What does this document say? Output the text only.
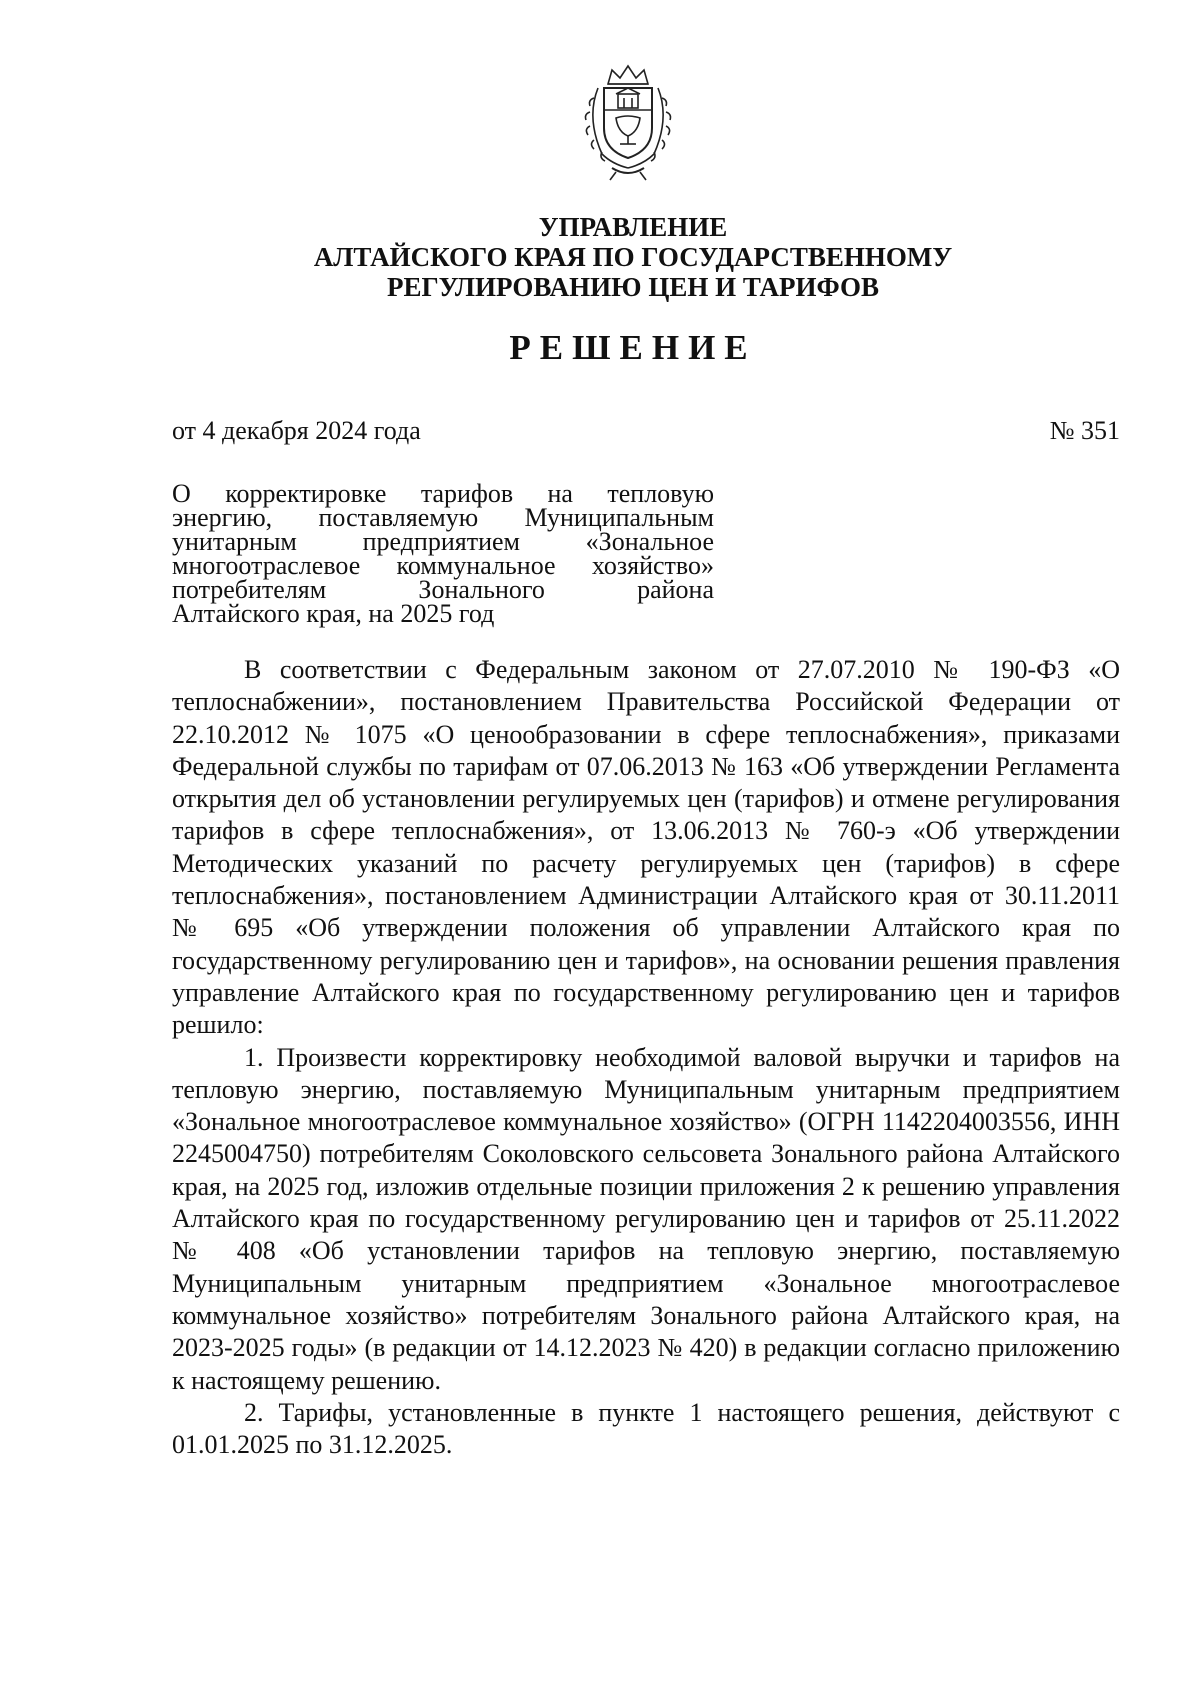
УПРАВЛЕНИЕ
АЛТАЙСКОГО КРАЯ ПО ГОСУДАРСТВЕННОМУ
РЕГУЛИРОВАНИЮ ЦЕН И ТАРИФОВ
РЕШЕНИЕ
от 4 декабря 2024 года	№ 351
О корректировке тарифов на тепловую
энергию, поставляемую Муниципальным
унитарным предприятием «Зональное
многоотраслевое коммунальное хозяйство»
потребителям Зонального района
Алтайского края, на 2025 год

В соответствии с Федеральным законом от 27.07.2010 № 190-ФЗ «О теплоснабжении», постановлением Правительства Российской Федерации от 22.10.2012 № 1075 «О ценообразовании в сфере теплоснабжения», приказами Федеральной службы по тарифам от 07.06.2013 № 163 «Об утверждении Регламента открытия дел об установлении регулируемых цен (тарифов) и отмене регулирования тарифов в сфере теплоснабжения», от 13.06.2013 № 760-э «Об утверждении Методических указаний по расчету регулируемых цен (тарифов) в сфере теплоснабжения», постановлением Администрации Алтайского края от 30.11.2011 № 695 «Об утверждении положения об управлении Алтайского края по государственному регулированию цен и тарифов», на основании решения правления управление Алтайского края по государственному регулированию цен и тарифов решило:

1. Произвести корректировку необходимой валовой выручки и тарифов на тепловую энергию, поставляемую Муниципальным унитарным предприятием «Зональное многоотраслевое коммунальное хозяйство» (ОГРН 1142204003556, ИНН 2245004750) потребителям Соколовского сельсовета Зонального района Алтайского края, на 2025 год, изложив отдельные позиции приложения 2 к решению управления Алтайского края по государственному регулированию цен и тарифов от 25.11.2022 № 408 «Об установлении тарифов на тепловую энергию, поставляемую Муниципальным унитарным предприятием «Зональное многоотраслевое коммунальное хозяйство» потребителям Зонального района Алтайского края, на 2023-2025 годы» (в редакции от 14.12.2023 № 420) в редакции согласно приложению к настоящему решению.

2. Тарифы, установленные в пункте 1 настоящего решения, действуют с 01.01.2025 по 31.12.2025.
